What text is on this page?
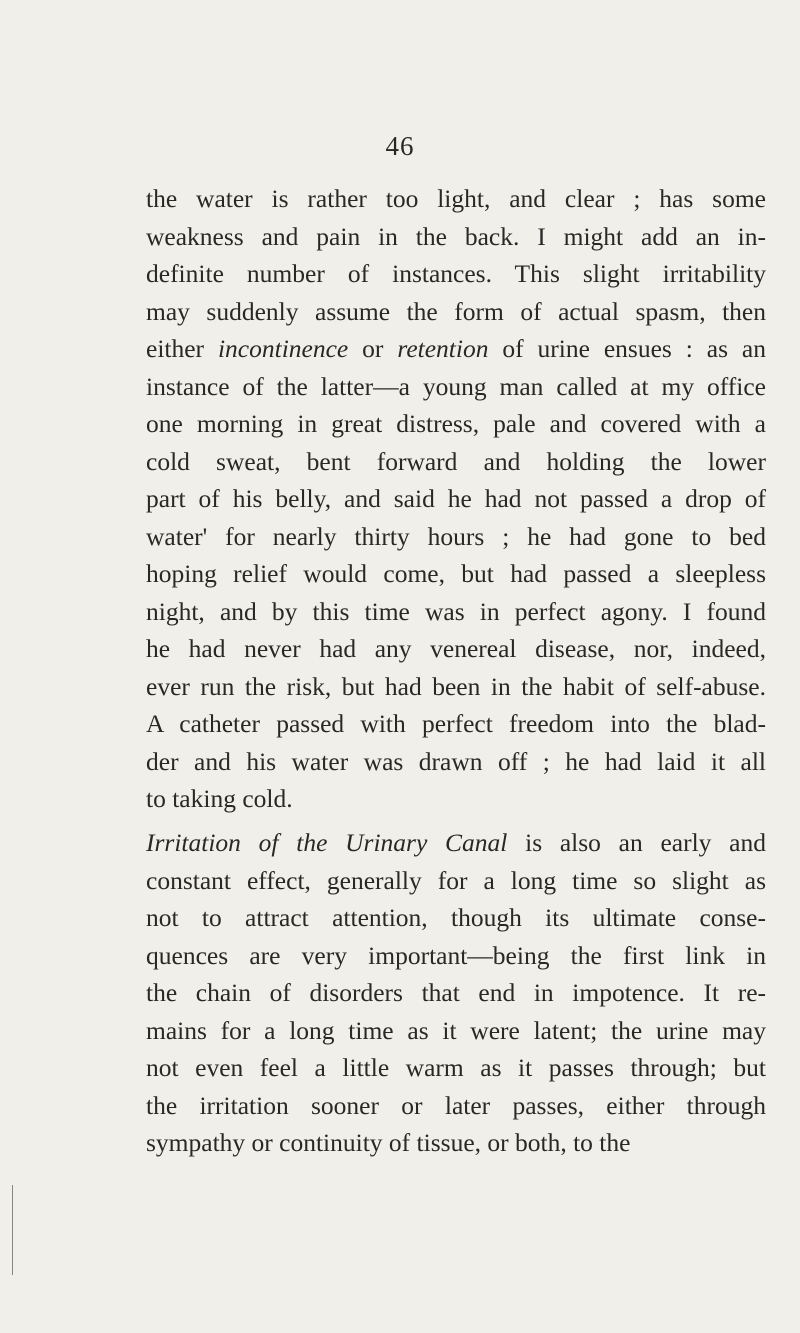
46
the water is rather too light, and clear ; has some
weakness and pain in the back. I might add an in-
definite number of instances. This slight irritability
may suddenly assume the form of actual spasm, then
either incontinence or retention of urine ensues : as an
instance of the latter—a young man called at my office
one morning in great distress, pale and covered with a
cold sweat, bent forward and holding the lower
part of his belly, and said he had not passed a drop of
water' for nearly thirty hours ; he had gone to bed
hoping relief would come, but had passed a sleepless
night, and by this time was in perfect agony. I found
he had never had any venereal disease, nor, indeed,
ever run the risk, but had been in the habit of self-abuse.
A catheter passed with perfect freedom into the blad-
der and his water was drawn off ; he had laid it all
to taking cold.
Irritation of the Urinary Canal is also an early and
constant effect, generally for a long time so slight as
not to attract attention, though its ultimate conse-
quences are very important—being the first link in
the chain of disorders that end in impotence. It re-
mains for a long time as it were latent; the urine may
not even feel a little warm as it passes through; but
the irritation sooner or later passes, either through
sympathy or continuity of tissue, or both, to the
